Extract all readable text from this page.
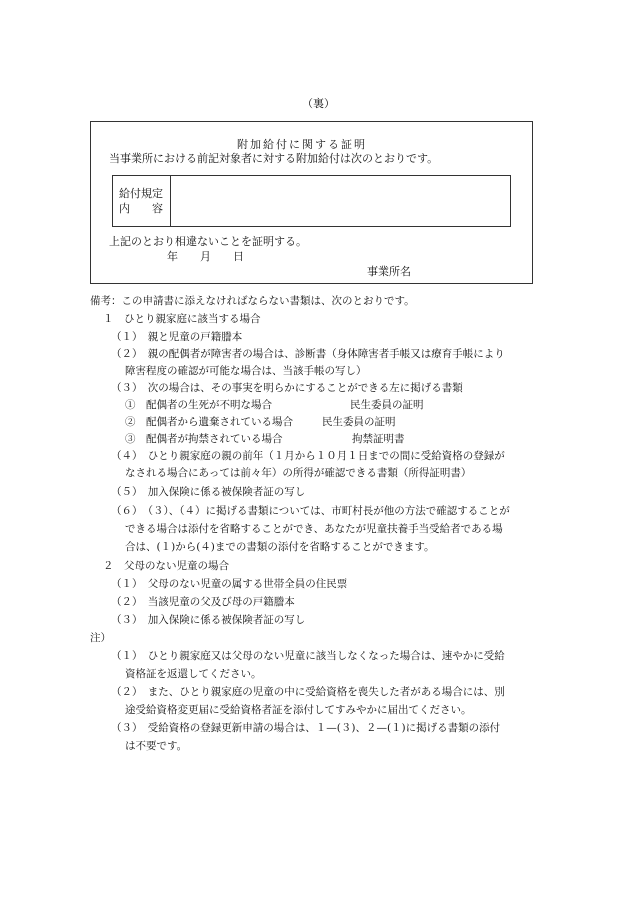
（裏）
附加給付に関する証明
当事業所における前記対象者に対する附加給付は次のとおりです。
給付規定
内　　容
上記のとおり相違ないことを証明する。
年　　月　　日
事業所名
備考：この申請書に添えなければならない書類は、次のとおりです。
１　ひとり親家庭に該当する場合
（１）　親と児童の戸籍謄本
（２）　親の配偶者が障害者の場合は、診断書（身体障害者手帳又は療育手帳により
障害程度の確認が可能な場合は、当該手帳の写し）
（３）　次の場合は、その事実を明らかにすることができる左に掲げる書類
①　配偶者の生死が不明な場合	民生委員の証明
②　配偶者から遺棄されている場合	民生委員の証明
③　配偶者が拘禁されている場合	拘禁証明書
（４）　ひとり親家庭の親の前年（１月から１０月１日までの間に受給資格の登録が
なされる場合にあっては前々年）の所得が確認できる書類（所得証明書）
（５）　加入保険に係る被保険者証の写し
（６）　（３）、（４）に掲げる書類については、市町村長が他の方法で確認することが
できる場合は添付を省略することができ、あなたが児童扶養手当受給者である場
合は、(１)から(４)までの書類の添付を省略することができます。
２　父母のない児童の場合
（１）　父母のない児童の属する世帯全員の住民票
（２）　当該児童の父及び母の戸籍謄本
（３）　加入保険に係る被保険者証の写し
注）
（１）　ひとり親家庭又は父母のない児童に該当しなくなった場合は、速やかに受給
資格証を返還してください。
（２）　また、ひとり親家庭の児童の中に受給資格を喪失した者がある場合には、別
途受給資格変更届に受給資格者証を添付してすみやかに届出てください。
（３）　受給資格の登録更新申請の場合は、１—(３)、２—(１)に掲げる書類の添付
は不要です。
